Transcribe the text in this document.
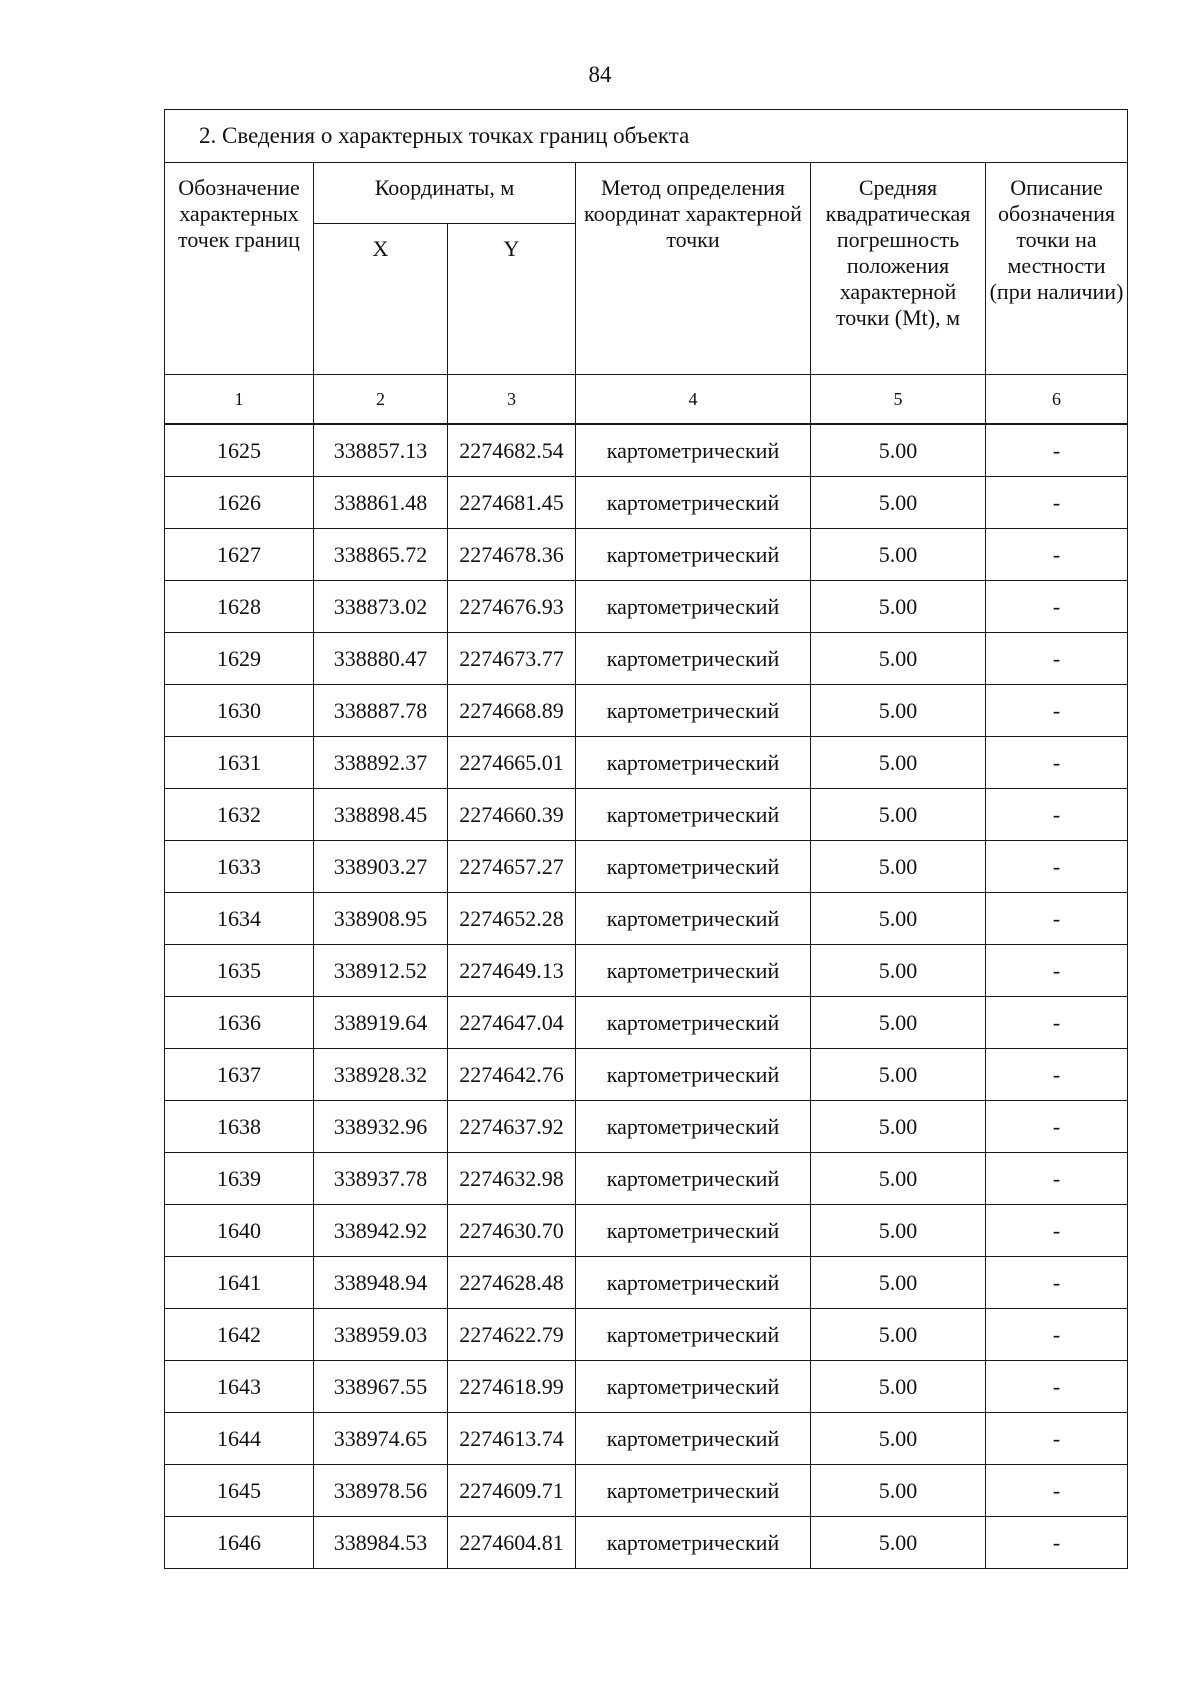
84
2. Сведения о характерных точках границ объекта					
Обозначение характерных точек границ	Координаты, м		Метод определения координат характерной точки	Средняя квадратическая погрешность положения характерной точки (Mt), м	Описание обозначения точки на местности (при наличии)
	X	Y			
1	2	3	4	5	6

1625	338857.13	2274682.54	картометрический	5.00	-
1626	338861.48	2274681.45	картометрический	5.00	-
1627	338865.72	2274678.36	картометрический	5.00	-
1628	338873.02	2274676.93	картометрический	5.00	-
1629	338880.47	2274673.77	картометрический	5.00	-
1630	338887.78	2274668.89	картометрический	5.00	-
1631	338892.37	2274665.01	картометрический	5.00	-
1632	338898.45	2274660.39	картометрический	5.00	-
1633	338903.27	2274657.27	картометрический	5.00	-
1634	338908.95	2274652.28	картометрический	5.00	-
1635	338912.52	2274649.13	картометрический	5.00	-
1636	338919.64	2274647.04	картометрический	5.00	-
1637	338928.32	2274642.76	картометрический	5.00	-
1638	338932.96	2274637.92	картометрический	5.00	-
1639	338937.78	2274632.98	картометрический	5.00	-
1640	338942.92	2274630.70	картометрический	5.00	-
1641	338948.94	2274628.48	картометрический	5.00	-
1642	338959.03	2274622.79	картометрический	5.00	-
1643	338967.55	2274618.99	картометрический	5.00	-
1644	338974.65	2274613.74	картометрический	5.00	-
1645	338978.56	2274609.71	картометрический	5.00	-
1646	338984.53	2274604.81	картометрический	5.00	-
